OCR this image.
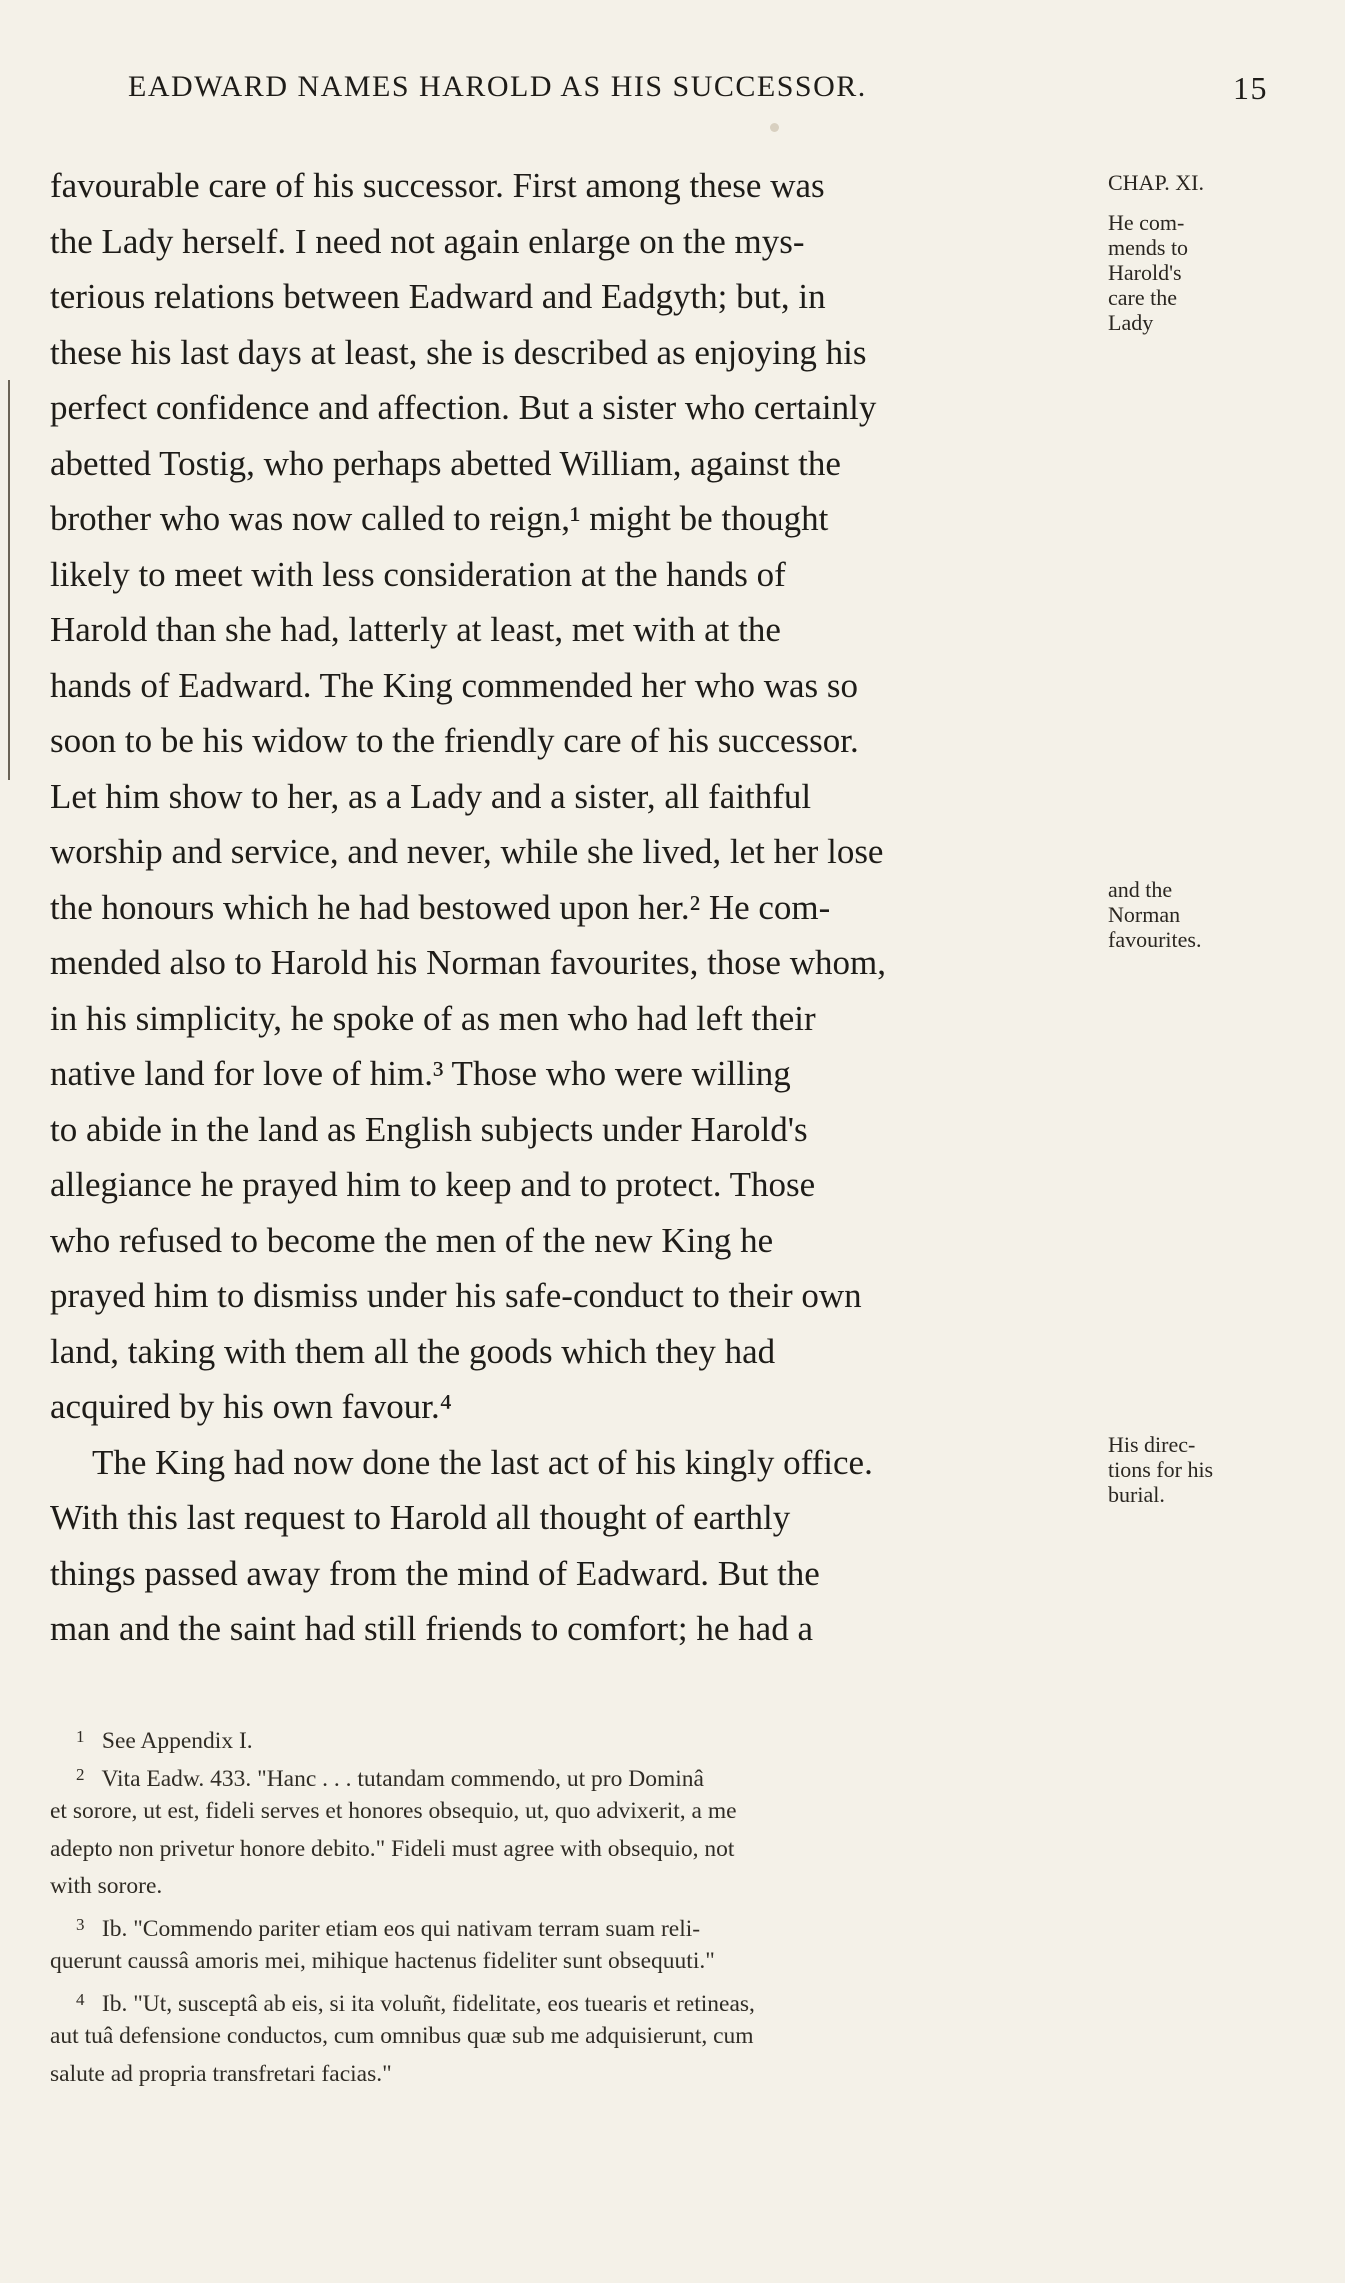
EADWARD NAMES HAROLD AS HIS SUCCESSOR.	15
favourable care of his successor. First among these was
the Lady herself. I need not again enlarge on the mys-
terious relations between Eadward and Eadgyth; but, in
these his last days at least, she is described as enjoying his
perfect confidence and affection. But a sister who certainly
abetted Tostig, who perhaps abetted William, against the
brother who was now called to reign,¹ might be thought
likely to meet with less consideration at the hands of
Harold than she had, latterly at least, met with at the
hands of Eadward. The King commended her who was so
soon to be his widow to the friendly care of his successor.
Let him show to her, as a Lady and a sister, all faithful
worship and service, and never, while she lived, let her lose
the honours which he had bestowed upon her.² He com-
mended also to Harold his Norman favourites, those whom,
in his simplicity, he spoke of as men who had left their
native land for love of him.³ Those who were willing
to abide in the land as English subjects under Harold's
allegiance he prayed him to keep and to protect. Those
who refused to become the men of the new King he
prayed him to dismiss under his safe-conduct to their own
land, taking with them all the goods which they had
acquired by his own favour.⁴
The King had now done the last act of his kingly office.
With this last request to Harold all thought of earthly
things passed away from the mind of Eadward. But the
man and the saint had still friends to comfort; he had a
CHAP. XI.
He com-
mends to
Harold's
care the
Lady
and the
Norman
favourites.
His direc-
tions for his
burial.
1 See Appendix I.
2 Vita Eadw. 433. "Hanc . . . tutandam commendo, ut pro Dominâ
et sorore, ut est, fideli serves et honores obsequio, ut, quo advixerit, a me
adepto non privetur honore debito." Fideli must agree with obsequio, not
with sorore.
3 Ib. "Commendo pariter etiam eos qui nativam terram suam reli-
querunt caussâ amoris mei, mihique hactenus fideliter sunt obsequuti."
4 Ib. "Ut, susceptâ ab eis, si ita voluñt, fidelitate, eos tuearis et retineas,
aut tuâ defensione conductos, cum omnibus quæ sub me adquisierunt, cum
salute ad propria transfretari facias."
